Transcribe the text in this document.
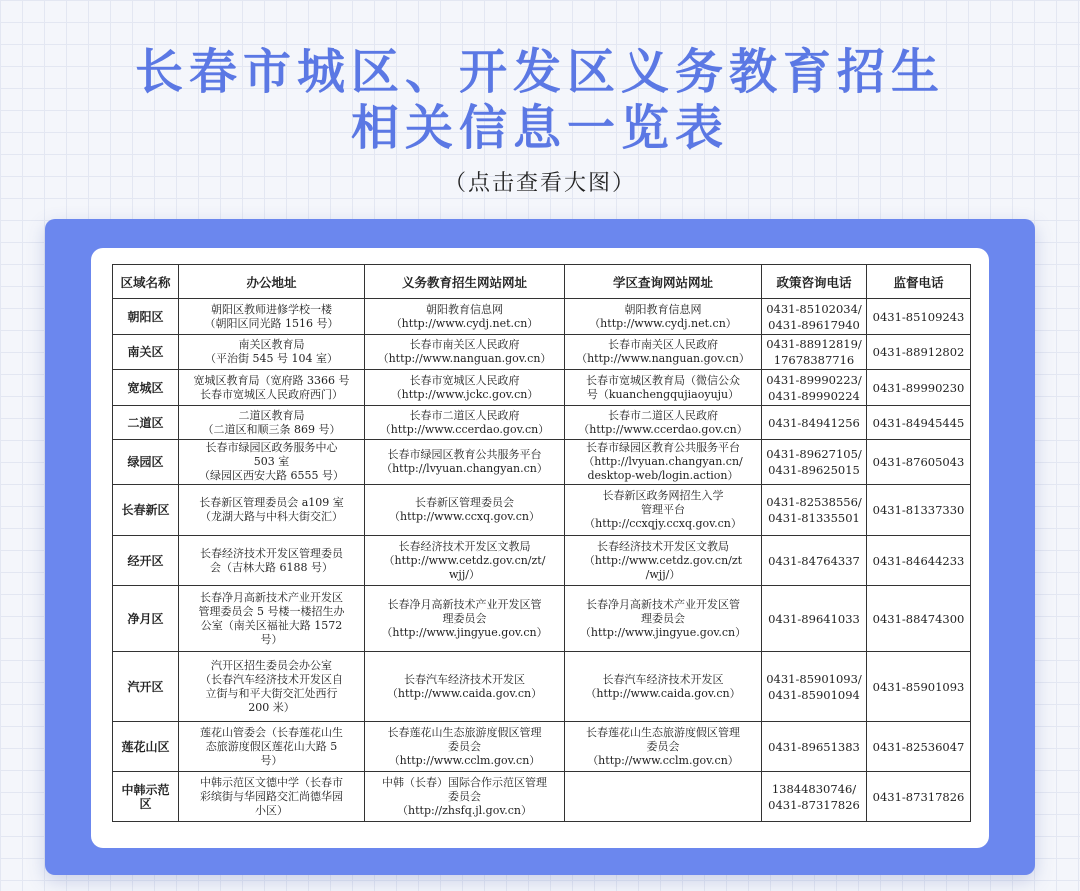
长春市城区、开发区义务教育招生
相关信息一览表
（点击查看大图）
区域名称	办公地址	义务教育招生网站网址	学区查询网站网址	政策咨询电话	监督电话

朝阳区	朝阳区教师进修学校一楼
（朝阳区同光路 1516 号）	朝阳教育信息网
（http://www.cydj.net.cn）	朝阳教育信息网
（http://www.cydj.net.cn）	0431-85102034/
0431-89617940	0431-85109243

南关区	南关区教育局
（平治街 545 号 104 室）	长春市南关区人民政府
（http://www.nanguan.gov.cn）	长春市南关区人民政府
（http://www.nanguan.gov.cn）	0431-88912819/
17678387716	0431-88912802

宽城区	宽城区教育局（宽府路 3366 号
长春市宽城区人民政府西门）	长春市宽城区人民政府
（http://www.jckc.gov.cn）	长春市宽城区教育局（微信公众
号（kuanchengqujiaoyuju）	0431-89990223/
0431-89990224	0431-89990230

二道区	二道区教育局
（二道区和顺三条 869 号）	长春市二道区人民政府
（http://www.ccerdao.gov.cn）	长春市二道区人民政府
（http://www.ccerdao.gov.cn）	0431-84941256	0431-84945445

绿园区	长春市绿园区政务服务中心
503 室
（绿园区西安大路 6555 号）	长春市绿园区教育公共服务平台
（http://lvyuan.changyan.cn）	长春市绿园区教育公共服务平台
（http://lvyuan.changyan.cn/
desktop-web/login.action）	0431-89627105/
0431-89625015	0431-87605043

长春新区	长春新区管理委员会 a109 室
（龙湖大路与中科大街交汇）	长春新区管理委员会
（http://www.ccxq.gov.cn）	长春新区政务网招生入学
管理平台
（http://ccxqjy.ccxq.gov.cn）	0431-82538556/
0431-81335501	0431-81337330

经开区	长春经济技术开发区管理委员
会（吉林大路 6188 号）	长春经济技术开发区文教局
（http://www.cetdz.gov.cn/zt/
wjj/）	长春经济技术开发区文教局
（http://www.cetdz.gov.cn/zt
/wjj/）	0431-84764337	0431-84644233

净月区	长春净月高新技术产业开发区
管理委员会 5 号楼一楼招生办
公室（南关区福祉大路 1572
号）	长春净月高新技术产业开发区管
理委员会
（http://www.jingyue.gov.cn）	长春净月高新技术产业开发区管
理委员会
（http://www.jingyue.gov.cn）	0431-89641033	0431-88474300

汽开区	汽开区招生委员会办公室
（长春汽车经济技术开发区自
立街与和平大街交汇处西行
200 米）	长春汽车经济技术开发区
（http://www.caida.gov.cn）	长春汽车经济技术开发区
（http://www.caida.gov.cn）	0431-85901093/
0431-85901094	0431-85901093

莲花山区	莲花山管委会（长春莲花山生
态旅游度假区莲花山大路 5
号）	长春莲花山生态旅游度假区管理
委员会
（http://www.cclm.gov.cn）	长春莲花山生态旅游度假区管理
委员会
（http://www.cclm.gov.cn）	0431-89651383	0431-82536047

中韩示范
区	中韩示范区文德中学（长春市
彩缤街与华园路交汇尚德华园
小区）	中韩（长春）国际合作示范区管理
委员会
（http://zhsfq.jl.gov.cn）		13844830746/
0431-87317826	0431-87317826
